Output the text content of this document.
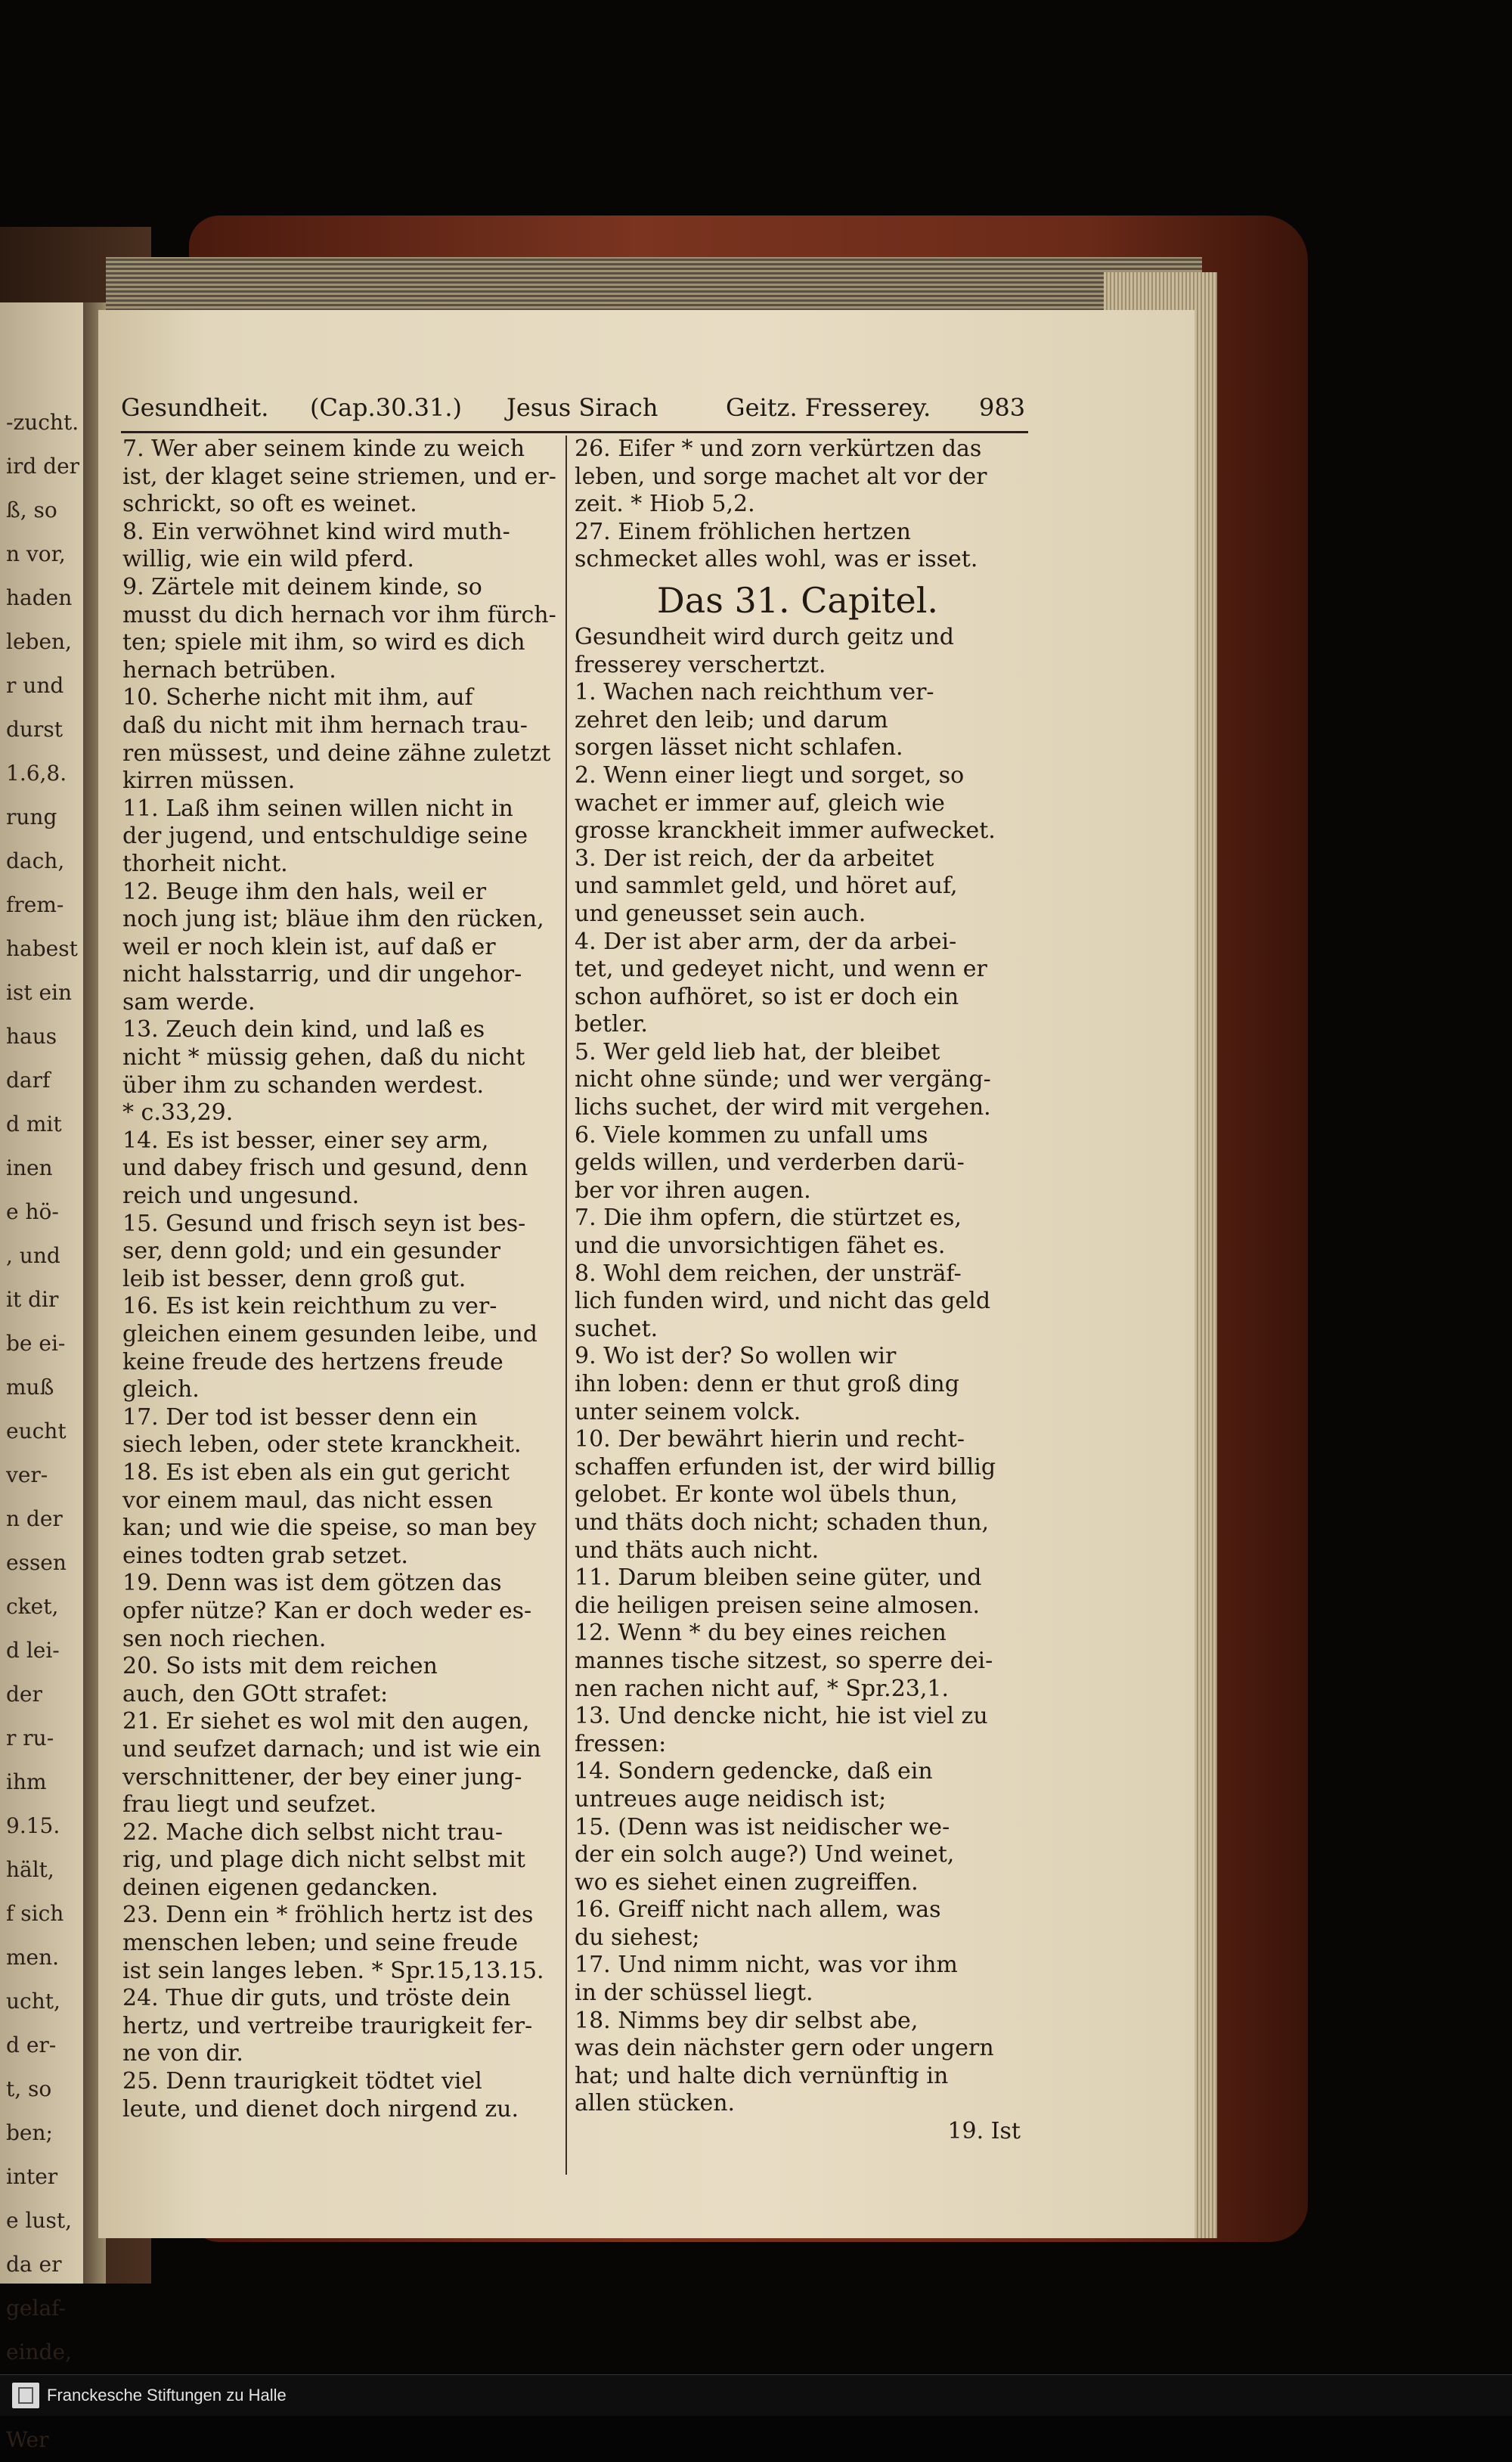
-zucht.
ird der
ß, so
n vor,
haden
leben,
r und
durst
1.6,8.
rung
dach,
frem-
habest
ist ein
haus
darf
d mit
inen
e hö-
, und
it dir
be ei-
muß
eucht
ver-
n der
essen
cket,
d lei-
der
r ru-
ihm
9.15.
hält,
f sich
men.
ucht,
d er-
t, so
ben;
inter
e lust,
da er
gelaf-
einde,

Wer
Gesundheit. (Cap.30.31.) Jesus Sirach	Geitz. Fresserey. 983
7. Wer aber seinem kinde zu weich
ist, der klaget seine striemen, und er-
schrickt, so oft es weinet.
8. Ein verwöhnet kind wird muth-
willig, wie ein wild pferd.
9. Zärtele mit deinem kinde, so
musst du dich hernach vor ihm fürch-
ten; spiele mit ihm, so wird es dich
hernach betrüben.
10. Scherhe nicht mit ihm, auf
daß du nicht mit ihm hernach trau-
ren müssest, und deine zähne zuletzt
kirren müssen.
11. Laß ihm seinen willen nicht in
der jugend, und entschuldige seine
thorheit nicht.
12. Beuge ihm den hals, weil er
noch jung ist; bläue ihm den rücken,
weil er noch klein ist, auf daß er
nicht halsstarrig, und dir ungehor-
sam werde.
13. Zeuch dein kind, und laß es
nicht * müssig gehen, daß du nicht
über ihm zu schanden werdest.
* c.33,29.
14. Es ist besser, einer sey arm,
und dabey frisch und gesund, denn
reich und ungesund.
15. Gesund und frisch seyn ist bes-
ser, denn gold; und ein gesunder
leib ist besser, denn groß gut.
16. Es ist kein reichthum zu ver-
gleichen einem gesunden leibe, und
keine freude des hertzens freude
gleich.
17. Der tod ist besser denn ein
siech leben, oder stete kranckheit.
18. Es ist eben als ein gut gericht
vor einem maul, das nicht essen
kan; und wie die speise, so man bey
eines todten grab setzet.
19. Denn was ist dem götzen das
opfer nütze? Kan er doch weder es-
sen noch riechen.
20. So ists mit dem reichen
auch, den GOtt strafet:
21. Er siehet es wol mit den augen,
und seufzet darnach; und ist wie ein
verschnittener, der bey einer jung-
frau liegt und seufzet.
22. Mache dich selbst nicht trau-
rig, und plage dich nicht selbst mit
deinen eigenen gedancken.
23. Denn ein * fröhlich hertz ist des
menschen leben; und seine freude
ist sein langes leben. * Spr.15,13.15.
24. Thue dir guts, und tröste dein
hertz, und vertreibe traurigkeit fer-
ne von dir.
25. Denn traurigkeit tödtet viel
leute, und dienet doch nirgend zu.
26. Eifer * und zorn verkürtzen das
leben, und sorge machet alt vor der
zeit. * Hiob 5,2.
27. Einem fröhlichen hertzen
schmecket alles wohl, was er isset.
Das 31. Capitel.
Gesundheit wird durch geitz und
fresserey verschertzt.
1. Wachen nach reichthum ver-
zehret den leib; und darum
sorgen lässet nicht schlafen.
2. Wenn einer liegt und sorget, so
wachet er immer auf, gleich wie
grosse kranckheit immer aufwecket.
3. Der ist reich, der da arbeitet
und sammlet geld, und höret auf,
und geneusset sein auch.
4. Der ist aber arm, der da arbei-
tet, und gedeyet nicht, und wenn er
schon aufhöret, so ist er doch ein
betler.
5. Wer geld lieb hat, der bleibet
nicht ohne sünde; und wer vergäng-
lichs suchet, der wird mit vergehen.
6. Viele kommen zu unfall ums
gelds willen, und verderben darü-
ber vor ihren augen.
7. Die ihm opfern, die stürtzet es,
und die unvorsichtigen fähet es.
8. Wohl dem reichen, der unsträf-
lich funden wird, und nicht das geld
suchet.
9. Wo ist der? So wollen wir
ihn loben: denn er thut groß ding
unter seinem volck.
10. Der bewährt hierin und recht-
schaffen erfunden ist, der wird billig
gelobet. Er konte wol übels thun,
und thäts doch nicht; schaden thun,
und thäts auch nicht.
11. Darum bleiben seine güter, und
die heiligen preisen seine almosen.
12. Wenn * du bey eines reichen
mannes tische sitzest, so sperre dei-
nen rachen nicht auf, * Spr.23,1.
13. Und dencke nicht, hie ist viel zu
fressen:
14. Sondern gedencke, daß ein
untreues auge neidisch ist;
15. (Denn was ist neidischer we-
der ein solch auge?) Und weinet,
wo es siehet einen zugreiffen.
16. Greiff nicht nach allem, was
du siehest;
17. Und nimm nicht, was vor ihm
in der schüssel liegt.
18. Nimms bey dir selbst abe,
was dein nächster gern oder ungern
hat; und halte dich vernünftig in
allen stücken.
19. Ist
Franckesche Stiftungen zu Halle
